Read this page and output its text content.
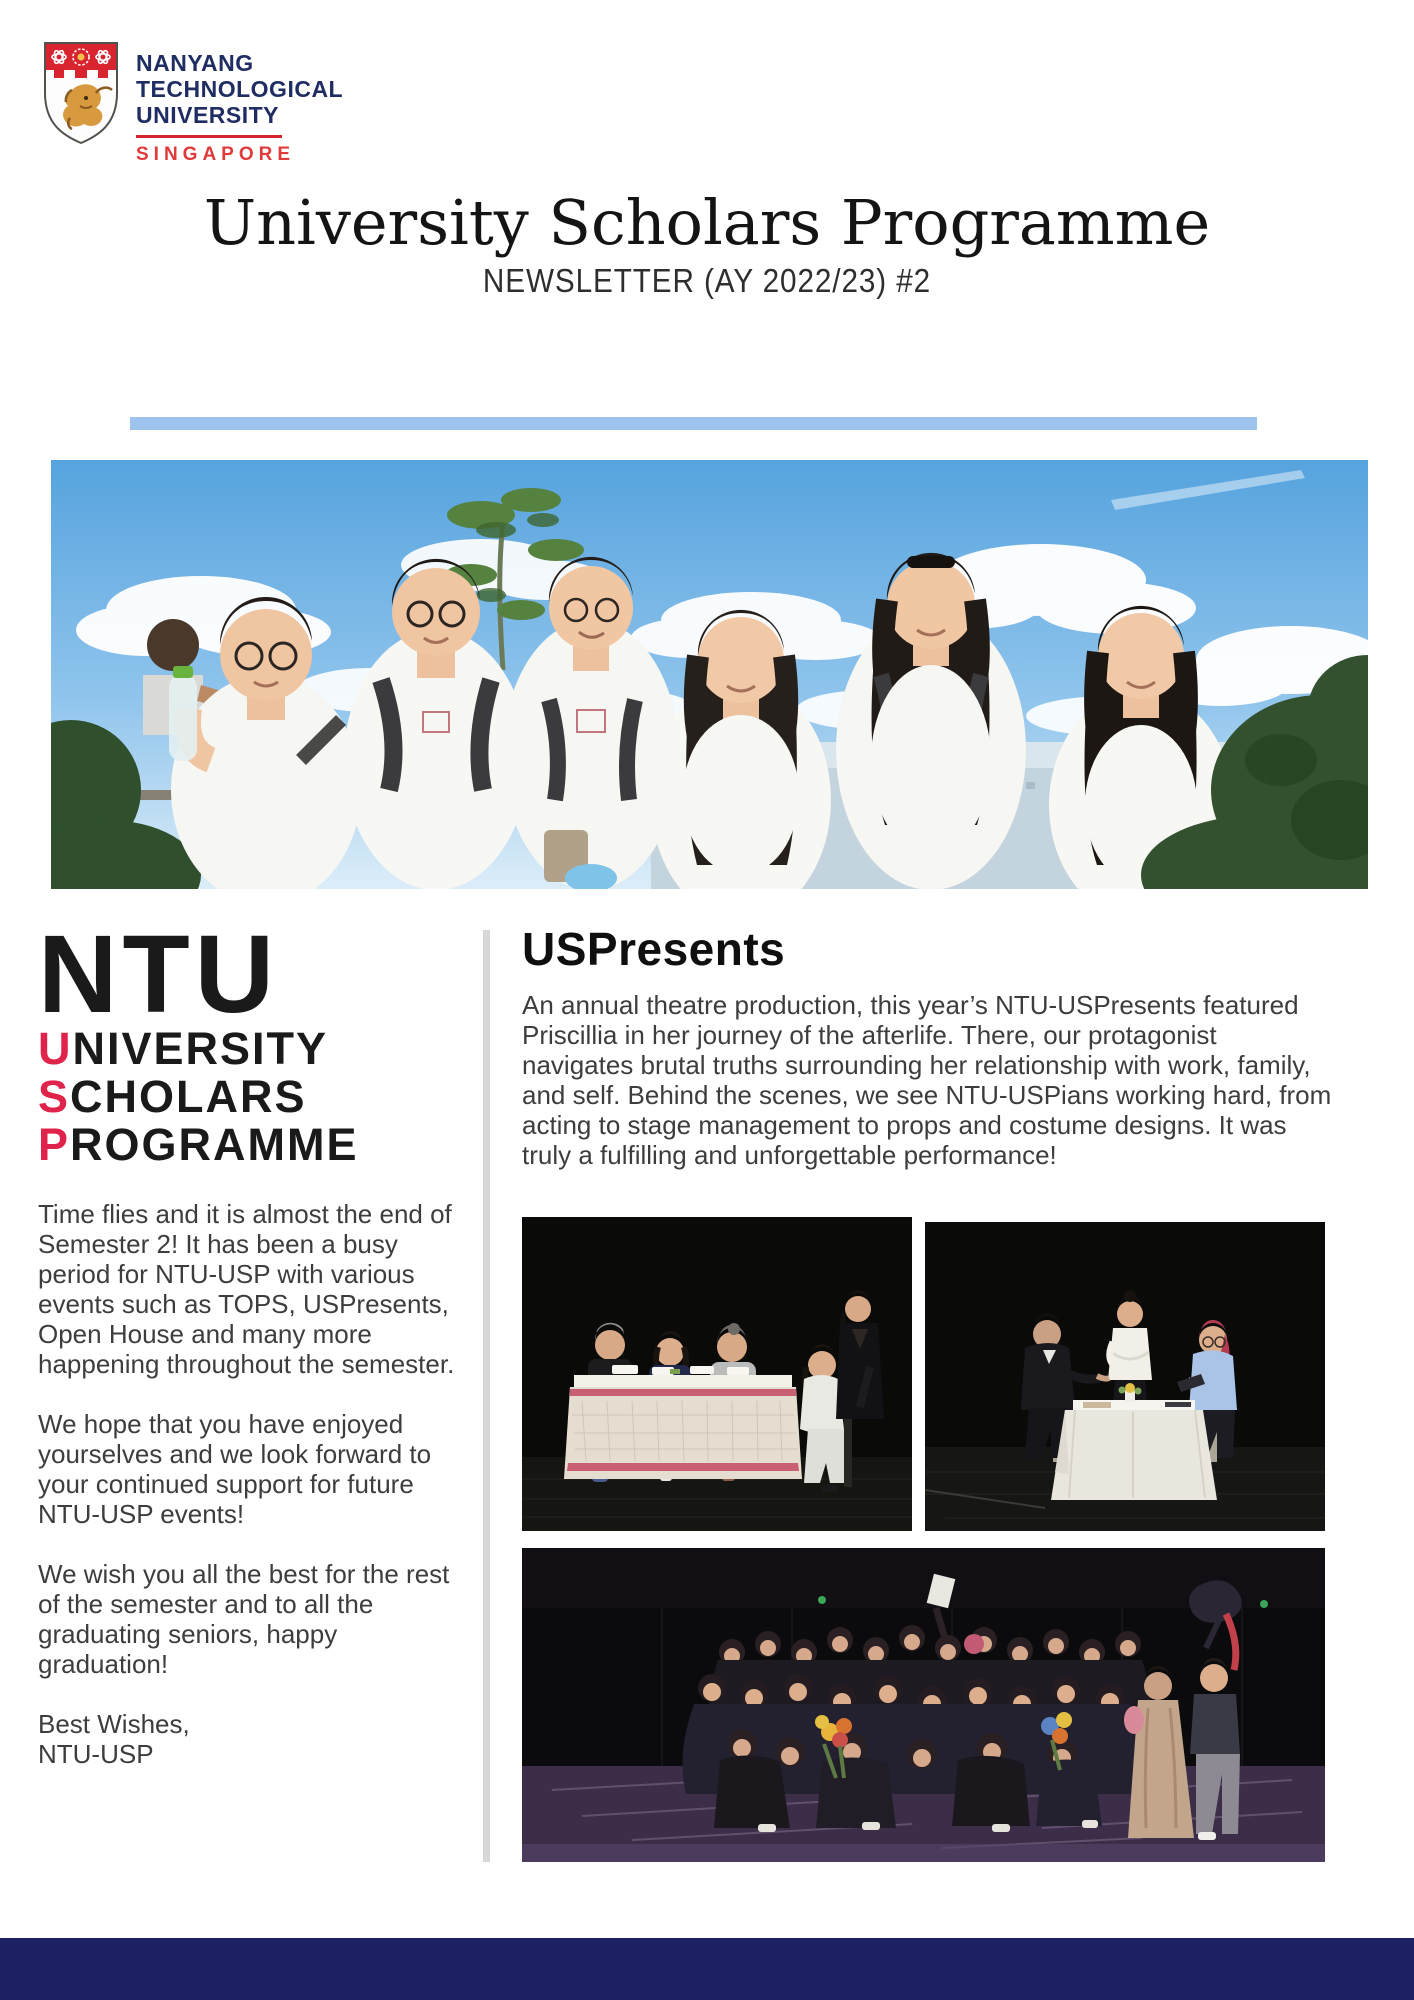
NANYANG
TECHNOLOGICAL
UNIVERSITY
SINGAPORE
University Scholars Programme
NEWSLETTER (AY 2022/23) #2
NTU
UNIVERSITY
SCHOLARS
PROGRAMME

Time flies and it is almost the end of Semester 2! It has been a busy period for NTU-USP with various events such as TOPS, USPresents, Open House and many more happening throughout the semester.

We hope that you have enjoyed yourselves and we look forward to your continued support for future NTU-USP events!

We wish you all the best for the rest of the semester and to all the graduating seniors, happy graduation!

Best Wishes,

NTU-USP

USPresents

An annual theatre production, this year’s NTU-USPresents featured Priscillia in her journey of the afterlife. There, our protagonist navigates brutal truths surrounding her relationship with work, family, and self. Behind the scenes, we see NTU-USPians working hard, from acting to stage management to props and costume designs. It was truly a fulfilling and unforgettable performance!
